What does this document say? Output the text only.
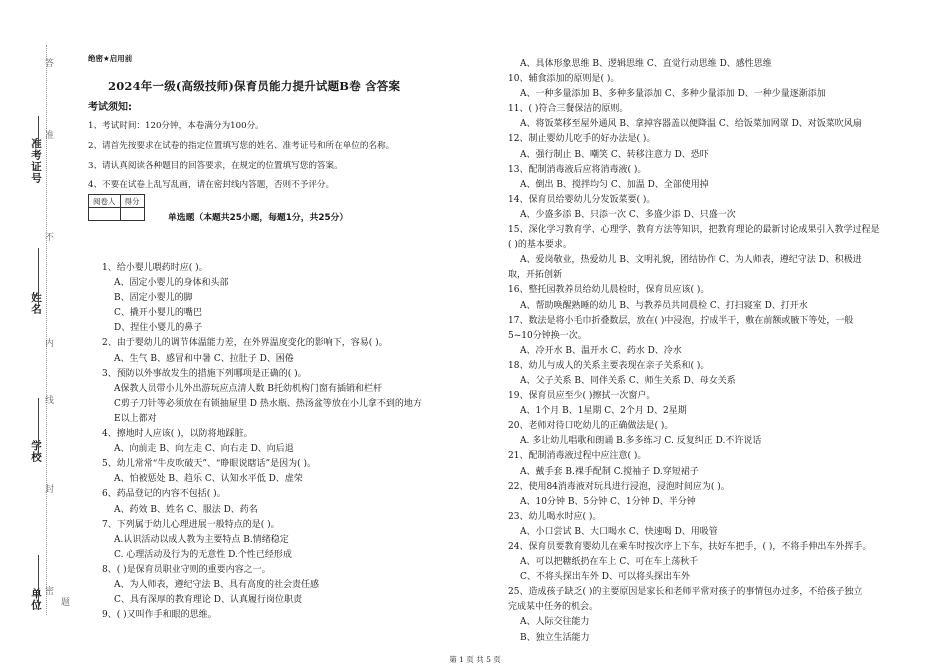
准考证号
姓名
学校
单位 密
封
线
内
不
准
答
题
绝密★启用前
2024年一级(高级技师)保育员能力提升试题B卷 含答案
考试须知:
1、考试时间：120分钟，本卷满分为100分。
2、请首先按要求在试卷的指定位置填写您的姓名、准考证号和所在单位的名称。
3、请认真阅读各种题目的回答要求，在规定的位置填写您的答案。
4、不要在试卷上乱写乱画，请在密封线内答题，否则不予评分。
阅卷人	得分

单选题（本题共25小题，每题1分，共25分）
1、给小婴儿喂药时应( )。
A、固定小婴儿的身体和头部
B、固定小婴儿的脚
C、撬开小婴儿的嘴巴
D、捏住小婴儿的鼻子
2、由于婴幼儿的调节体温能力差，在外界温度变化的影响下，容易( )。
A、生气 B、感冒和中暑 C、拉肚子 D、困倦
3、预防以外事故发生的措施下列哪项是正确的( )。
A保教人员带小儿外出游玩应点清人数 B托幼机构门窗有插销和栏杆
C剪子刀针等必须放在有锁抽屉里 D 热水瓶、热汤盆等放在小儿拿不到的地方
E以上都对
4、擦地时人应该( )，以防将地踩脏。
A、向前走 B、向左走 C、向右走 D、向后退
5、幼儿常常“牛皮吹破天”、“睁眼说瞎话”是因为( )。
A、怕被惩处 B、趋乐 C、认知水平低 D、虚荣
6、药品登记的内容不包括( )。
A、药效 B、姓名 C、服法 D、药名
7、下列属于幼儿心理进展一般特点的是( )。
A.认识活动以成人教为主要特点 B.情绪稳定
C. 心理活动及行为的无意性 D.个性已经形成
8、( )是保育员职业守则的重要内容之一。
A、为人师表，遵纪守法 B、具有高度的社会责任感
C、具有深厚的教育理论 D、认真履行岗位职责
9、( )又叫作手和眼的思维。
A、具体形象思维 B、逻辑思维 C、直觉行动思维 D、感性思维
10、辅食添加的原则是( )。
A、一种多量添加 B、多种多量添加 C、多种少量添加 D、一种少量逐渐添加
11、( )符合三餐保洁的原则。
A、将饭菜移至屋外通风 B、拿掉容器盖以便降温 C、给饭菜加网罩 D、对饭菜吹风扇
12、制止婴幼儿吃手的好办法是( )。
A、强行制止 B、嘲笑 C、转移注意力 D、恐吓
13、配制消毒液后应将消毒液( )。
A、倒出 B、搅拌均匀 C、加温 D、全部使用掉
14、保育员给婴幼儿分发饭菜要( )。
A、少盛多添 B、只添一次 C、多盛少添 D、只盛一次
15、深化学习教育学、心理学、教育方法等知识，把教育理论的最新讨论成果引入教学过程是
( )的基本要求。
A、爱岗敬业，热爱幼儿 B、文明礼貌，团结协作 C、为人师表，遵纪守法 D、积极进
取，开拓创新
16、整托园教养员给幼儿晨检时，保育员应该( )。
A、帮助唤醒熟睡的幼儿 B、与教养员共同晨检 C、打扫寝室 D、打开水
17、数法是将小毛巾折叠数层，放在( )中浸泡，拧成半干，敷在前额或腋下等处，一般
5~10分钟换一次。
A、冷开水 B、温开水 C、药水 D、冷水
18、幼儿与成人的关系主要表现在亲子关系和( )。
A、父子关系 B、同伴关系 C、师生关系 D、母女关系
19、保育员应至少( )擦拭一次窗户。
A、1个月 B、1星期 C、2个月 D、2星期
20、老师对待口吃幼儿的正确做法是( )。
A. 多让幼儿唱歌和朗诵 B.多多练习 C. 反复纠正 D.不许说话
21、配制消毒液过程中应注意( )。
A、戴手套 B.裸手配制 C.搅袖子 D.穿短裙子
22、使用84消毒液对玩具进行浸泡，浸泡时间应为( )。
A、10分钟 B、5分钟 C、1分钟 D、半分钟
23、幼儿喝水时应( )。
A、小口尝试 B、大口喝水 C、快速喝 D、用吸管
24、保育员要教育婴幼儿在乘车时按次序上下车，扶好车把手，( )，不将手伸出车外挥手。
A、可以把糖纸扔在车上 C、可在车上荡秋千
C、不将头探出车外 D、可以将头探出车外
25、造成孩子缺乏( )的主要原因是家长和老师平常对孩子的事情包办过多，不给孩子独立
完成某中任务的机会。
A、人际交往能力
B、独立生活能力
第 1 页 共 5 页
